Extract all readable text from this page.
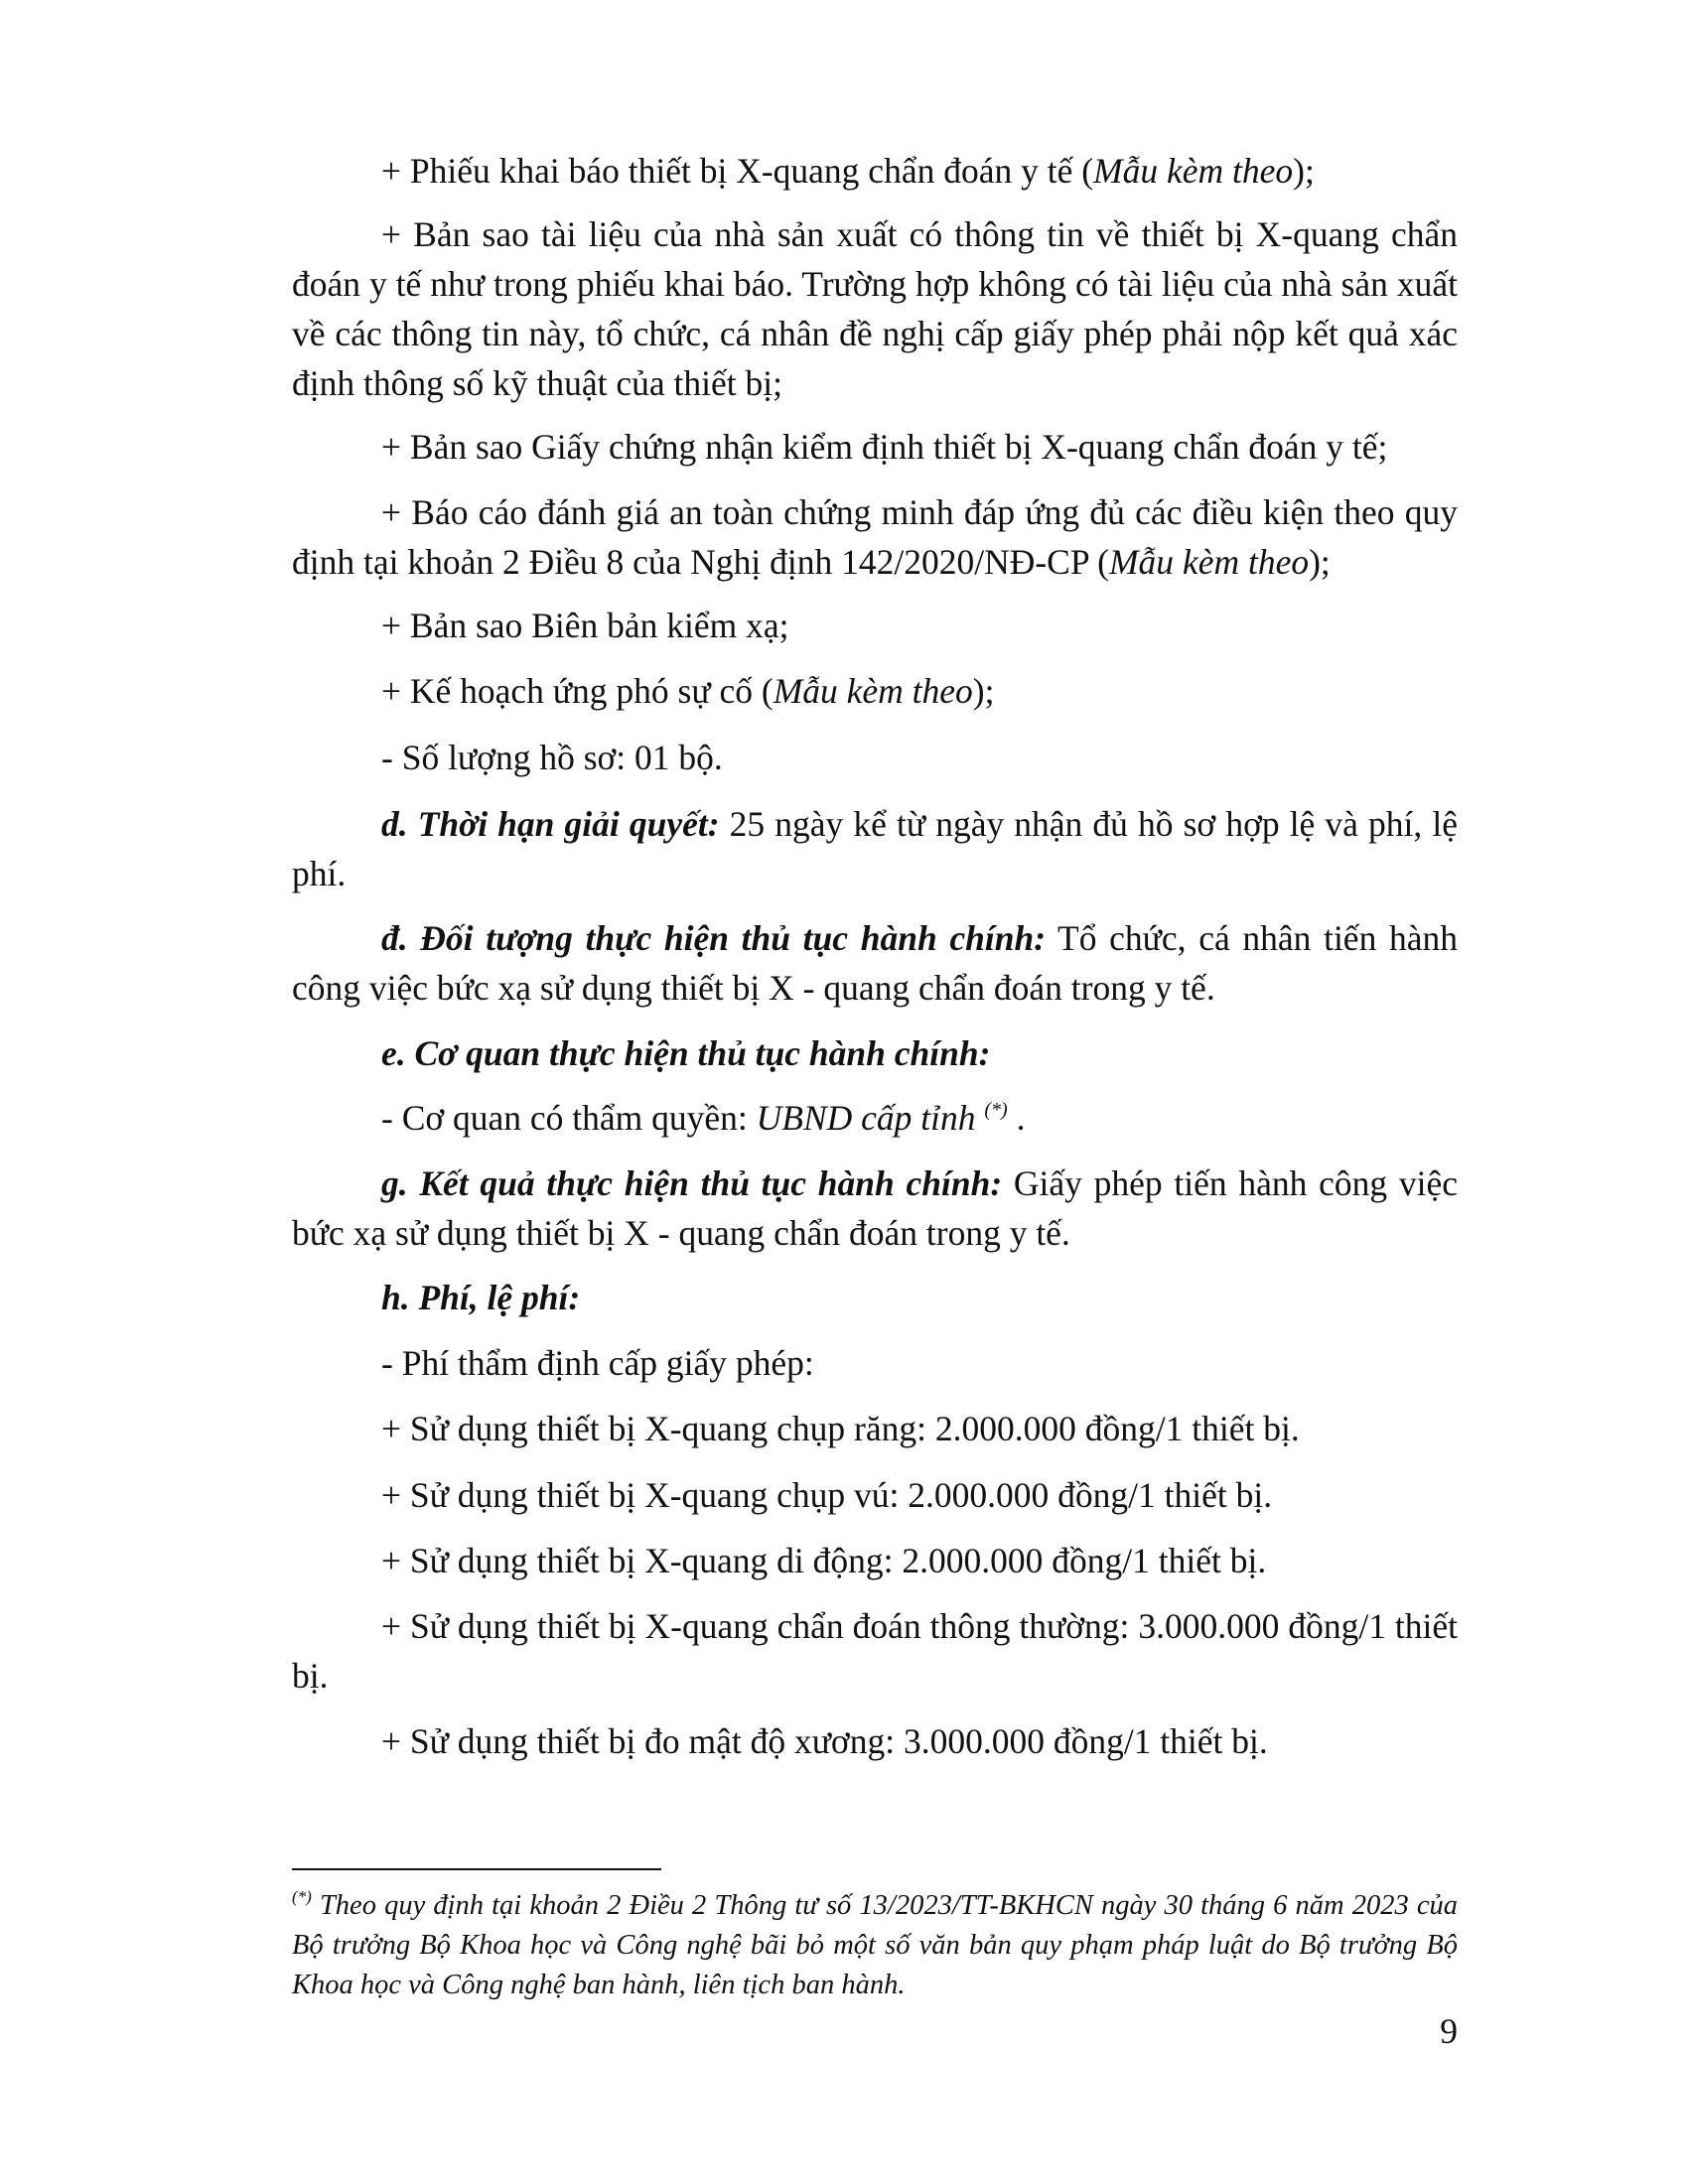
+ Phiếu khai báo thiết bị X-quang chẩn đoán y tế (Mẫu kèm theo);

+ Bản sao tài liệu của nhà sản xuất có thông tin về thiết bị X-quang chẩn đoán y tế như trong phiếu khai báo. Trường hợp không có tài liệu của nhà sản xuất về các thông tin này, tổ chức, cá nhân đề nghị cấp giấy phép phải nộp kết quả xác định thông số kỹ thuật của thiết bị;

+ Bản sao Giấy chứng nhận kiểm định thiết bị X-quang chẩn đoán y tế;

+ Báo cáo đánh giá an toàn chứng minh đáp ứng đủ các điều kiện theo quy định tại khoản 2 Điều 8 của Nghị định 142/2020/NĐ-CP (Mẫu kèm theo);

+ Bản sao Biên bản kiểm xạ;

+ Kế hoạch ứng phó sự cố (Mẫu kèm theo);

- Số lượng hồ sơ: 01 bộ.

d. Thời hạn giải quyết: 25 ngày kể từ ngày nhận đủ hồ sơ hợp lệ và phí, lệ phí.

đ. Đối tượng thực hiện thủ tục hành chính: Tổ chức, cá nhân tiến hành công việc bức xạ sử dụng thiết bị X - quang chẩn đoán trong y tế.

e. Cơ quan thực hiện thủ tục hành chính:

- Cơ quan có thẩm quyền: UBND cấp tỉnh (*) .

g. Kết quả thực hiện thủ tục hành chính: Giấy phép tiến hành công việc bức xạ sử dụng thiết bị X - quang chẩn đoán trong y tế.

h. Phí, lệ phí:

- Phí thẩm định cấp giấy phép:

+ Sử dụng thiết bị X-quang chụp răng: 2.000.000 đồng/1 thiết bị.

+ Sử dụng thiết bị X-quang chụp vú: 2.000.000 đồng/1 thiết bị.

+ Sử dụng thiết bị X-quang di động: 2.000.000 đồng/1 thiết bị.

+ Sử dụng thiết bị X-quang chẩn đoán thông thường: 3.000.000 đồng/1 thiết bị.

+ Sử dụng thiết bị đo mật độ xương: 3.000.000 đồng/1 thiết bị.

(*) Theo quy định tại khoản 2 Điều 2 Thông tư số 13/2023/TT-BKHCN ngày 30 tháng 6 năm 2023 của Bộ trưởng Bộ Khoa học và Công nghệ bãi bỏ một số văn bản quy phạm pháp luật do Bộ trưởng Bộ Khoa học và Công nghệ ban hành, liên tịch ban hành.

9
